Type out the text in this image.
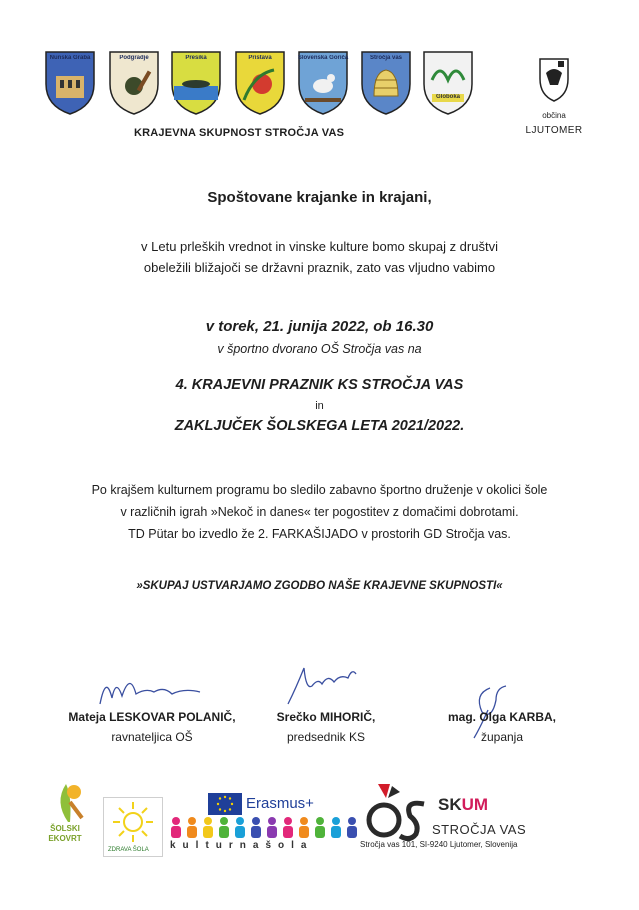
Nunska Graba	Podgradje	Presika	Pristava	Slovenska Goriča	Stročja vas
Globoka
KRAJEVNA SKUPNOST STROČJA VAS
občina
LJUTOMER
Spoštovane krajanke in krajani,
v Letu prleških vrednot in vinske kulture bomo skupaj z društvi
obeležili bližajoči se državni praznik, zato vas vljudno vabimo
v torek, 21. junija 2022, ob 16.30
v športno dvorano OŠ Stročja vas na
4. KRAJEVNI PRAZNIK KS STROČJA VAS
in
ZAKLJUČEK ŠOLSKEGA LETA 2021/2022.
Po krajšem kulturnem programu bo sledilo zabavno športno druženje v okolici šole
v različnih igrah »Nekoč in danes« ter pogostitev z domačimi dobrotami.
TD Pütar bo izvedlo že 2. FARKAŠIJADO v prostorih GD Stročja vas.
»SKUPAJ USTVARJAMO ZGODBO NAŠE KRAJEVNE SKUPNOSTI«
Mateja LESKOVAR POLANIČ,
ravnateljica OŠ
Srečko MIHORIČ,
predsednik KS
mag. Olga KARBA,
županja
ŠOLSKI EKOVRT
ZDRAVA ŠOLA
Erasmus+
kulturnašola
SKUM
STROČJA VAS
Stročja vas 101, SI-9240 Ljutomer, Slovenija
